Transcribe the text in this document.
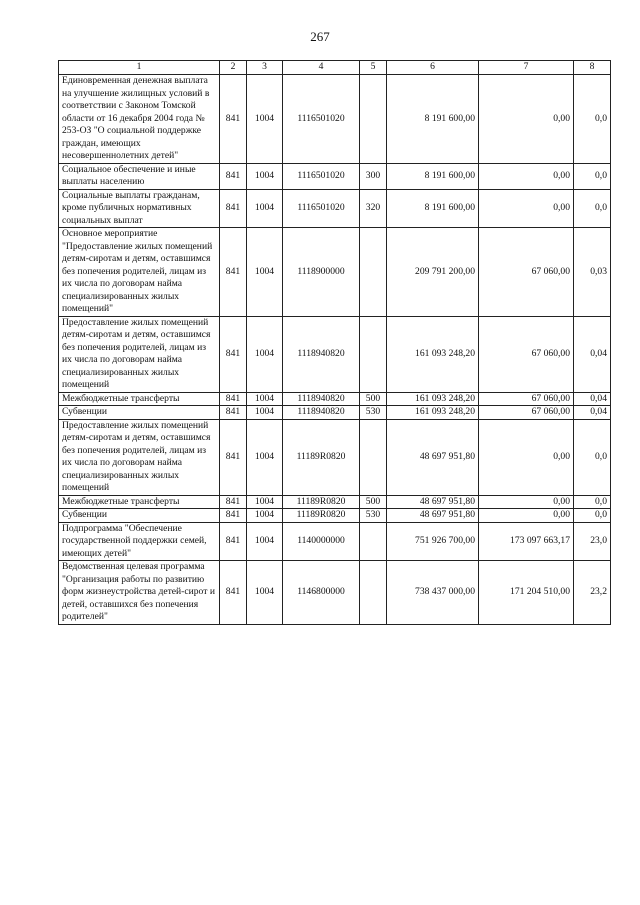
267
1	2	3	4	5	6	7	8
Единовременная денежная выплата на улучшение жилищных условий в соответствии с Законом Томской области от 16 декабря 2004 года № 253-ОЗ "О социальной поддержке граждан, имеющих несовершеннолетних детей"	841	1004	1116501020		8 191 600,00	0,00	0,0
Социальное обеспечение и иные выплаты населению	841	1004	1116501020	300	8 191 600,00	0,00	0,0
Социальные выплаты гражданам, кроме публичных нормативных социальных выплат	841	1004	1116501020	320	8 191 600,00	0,00	0,0
Основное мероприятие "Предоставление жилых помещений детям-сиротам и детям, оставшимся без попечения родителей, лицам из их числа по договорам найма специализированных жилых помещений"	841	1004	1118900000		209 791 200,00	67 060,00	0,03
Предоставление жилых помещений детям-сиротам и детям, оставшимся без попечения родителей, лицам из их числа по договорам найма специализированных жилых помещений	841	1004	1118940820		161 093 248,20	67 060,00	0,04
Межбюджетные трансферты	841	1004	1118940820	500	161 093 248,20	67 060,00	0,04
Субвенции	841	1004	1118940820	530	161 093 248,20	67 060,00	0,04
Предоставление жилых помещений детям-сиротам и детям, оставшимся без попечения родителей, лицам из их числа по договорам найма специализированных жилых помещений	841	1004	11189R0820		48 697 951,80	0,00	0,0
Межбюджетные трансферты	841	1004	11189R0820	500	48 697 951,80	0,00	0,0
Субвенции	841	1004	11189R0820	530	48 697 951,80	0,00	0,0
Подпрограмма "Обеспечение государственной поддержки семей, имеющих детей"	841	1004	1140000000		751 926 700,00	173 097 663,17	23,0
Ведомственная целевая программа "Организация работы по развитию форм жизнеустройства детей-сирот и детей, оставшихся без попечения родителей"	841	1004	1146800000		738 437 000,00	171 204 510,00	23,2
